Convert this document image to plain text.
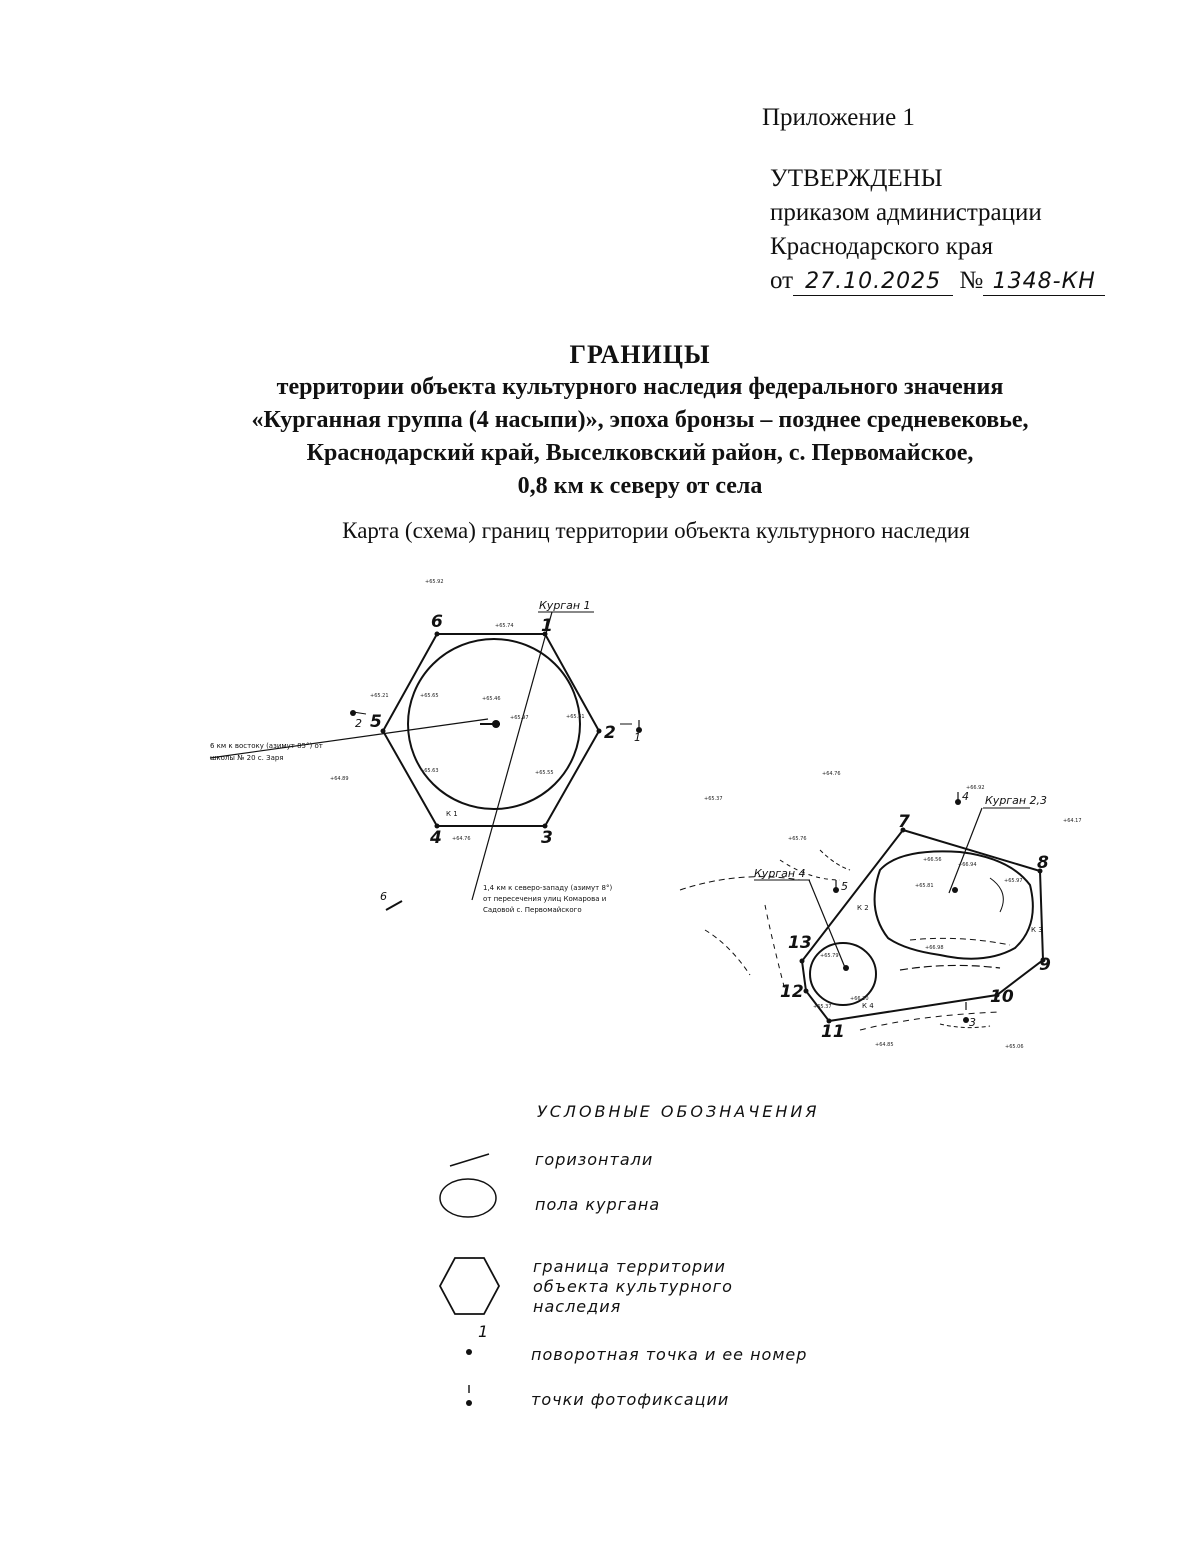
Приложение 1
УТВЕРЖДЕНЫ
приказом администрации
Краснодарского края
от 27.10.2025 № 1348-КН
ГРАНИЦЫ
территории объекта культурного наследия федерального значения
«Курганная группа (4 насыпи)», эпоха бронзы – позднее средневековье,
Краснодарский край, Выселковский район, с. Первомайское,
0,8 км к северу от села
Карта (схема) границ территории объекта культурного наследия
Курган 1
Курган 2,3
Курган 4
6	1
2
3
4
5
7
8
9
10
11
12
13
1
2
3
4
5
6
6 км к востоку (азимут 85°) от
школы № 20 с. Заря
1,4 км к северо-западу (азимут 8°)
от пересечения улиц Комарова и
Садовой с. Первомайского
К 1
К 2
К 3
К 4
+65.92
+65.74
+65.21	+65.65
+65.81
+64.89
+65.46
+65.97
+65.63	+65.55
+66.56
+66.94
+65.97
+64.76
+65.37
+65.76
+66.98
+65.81
+64.76
+66.92
+64.17
+65.79
+66.20
+65.37
+64.85	+65.06
УСЛОВНЫЕ ОБОЗНАЧЕНИЯ
горизонтали
пола кургана
граница территории
объекта культурного
наследия
1
поворотная точка и ее номер
точки фотофиксации
